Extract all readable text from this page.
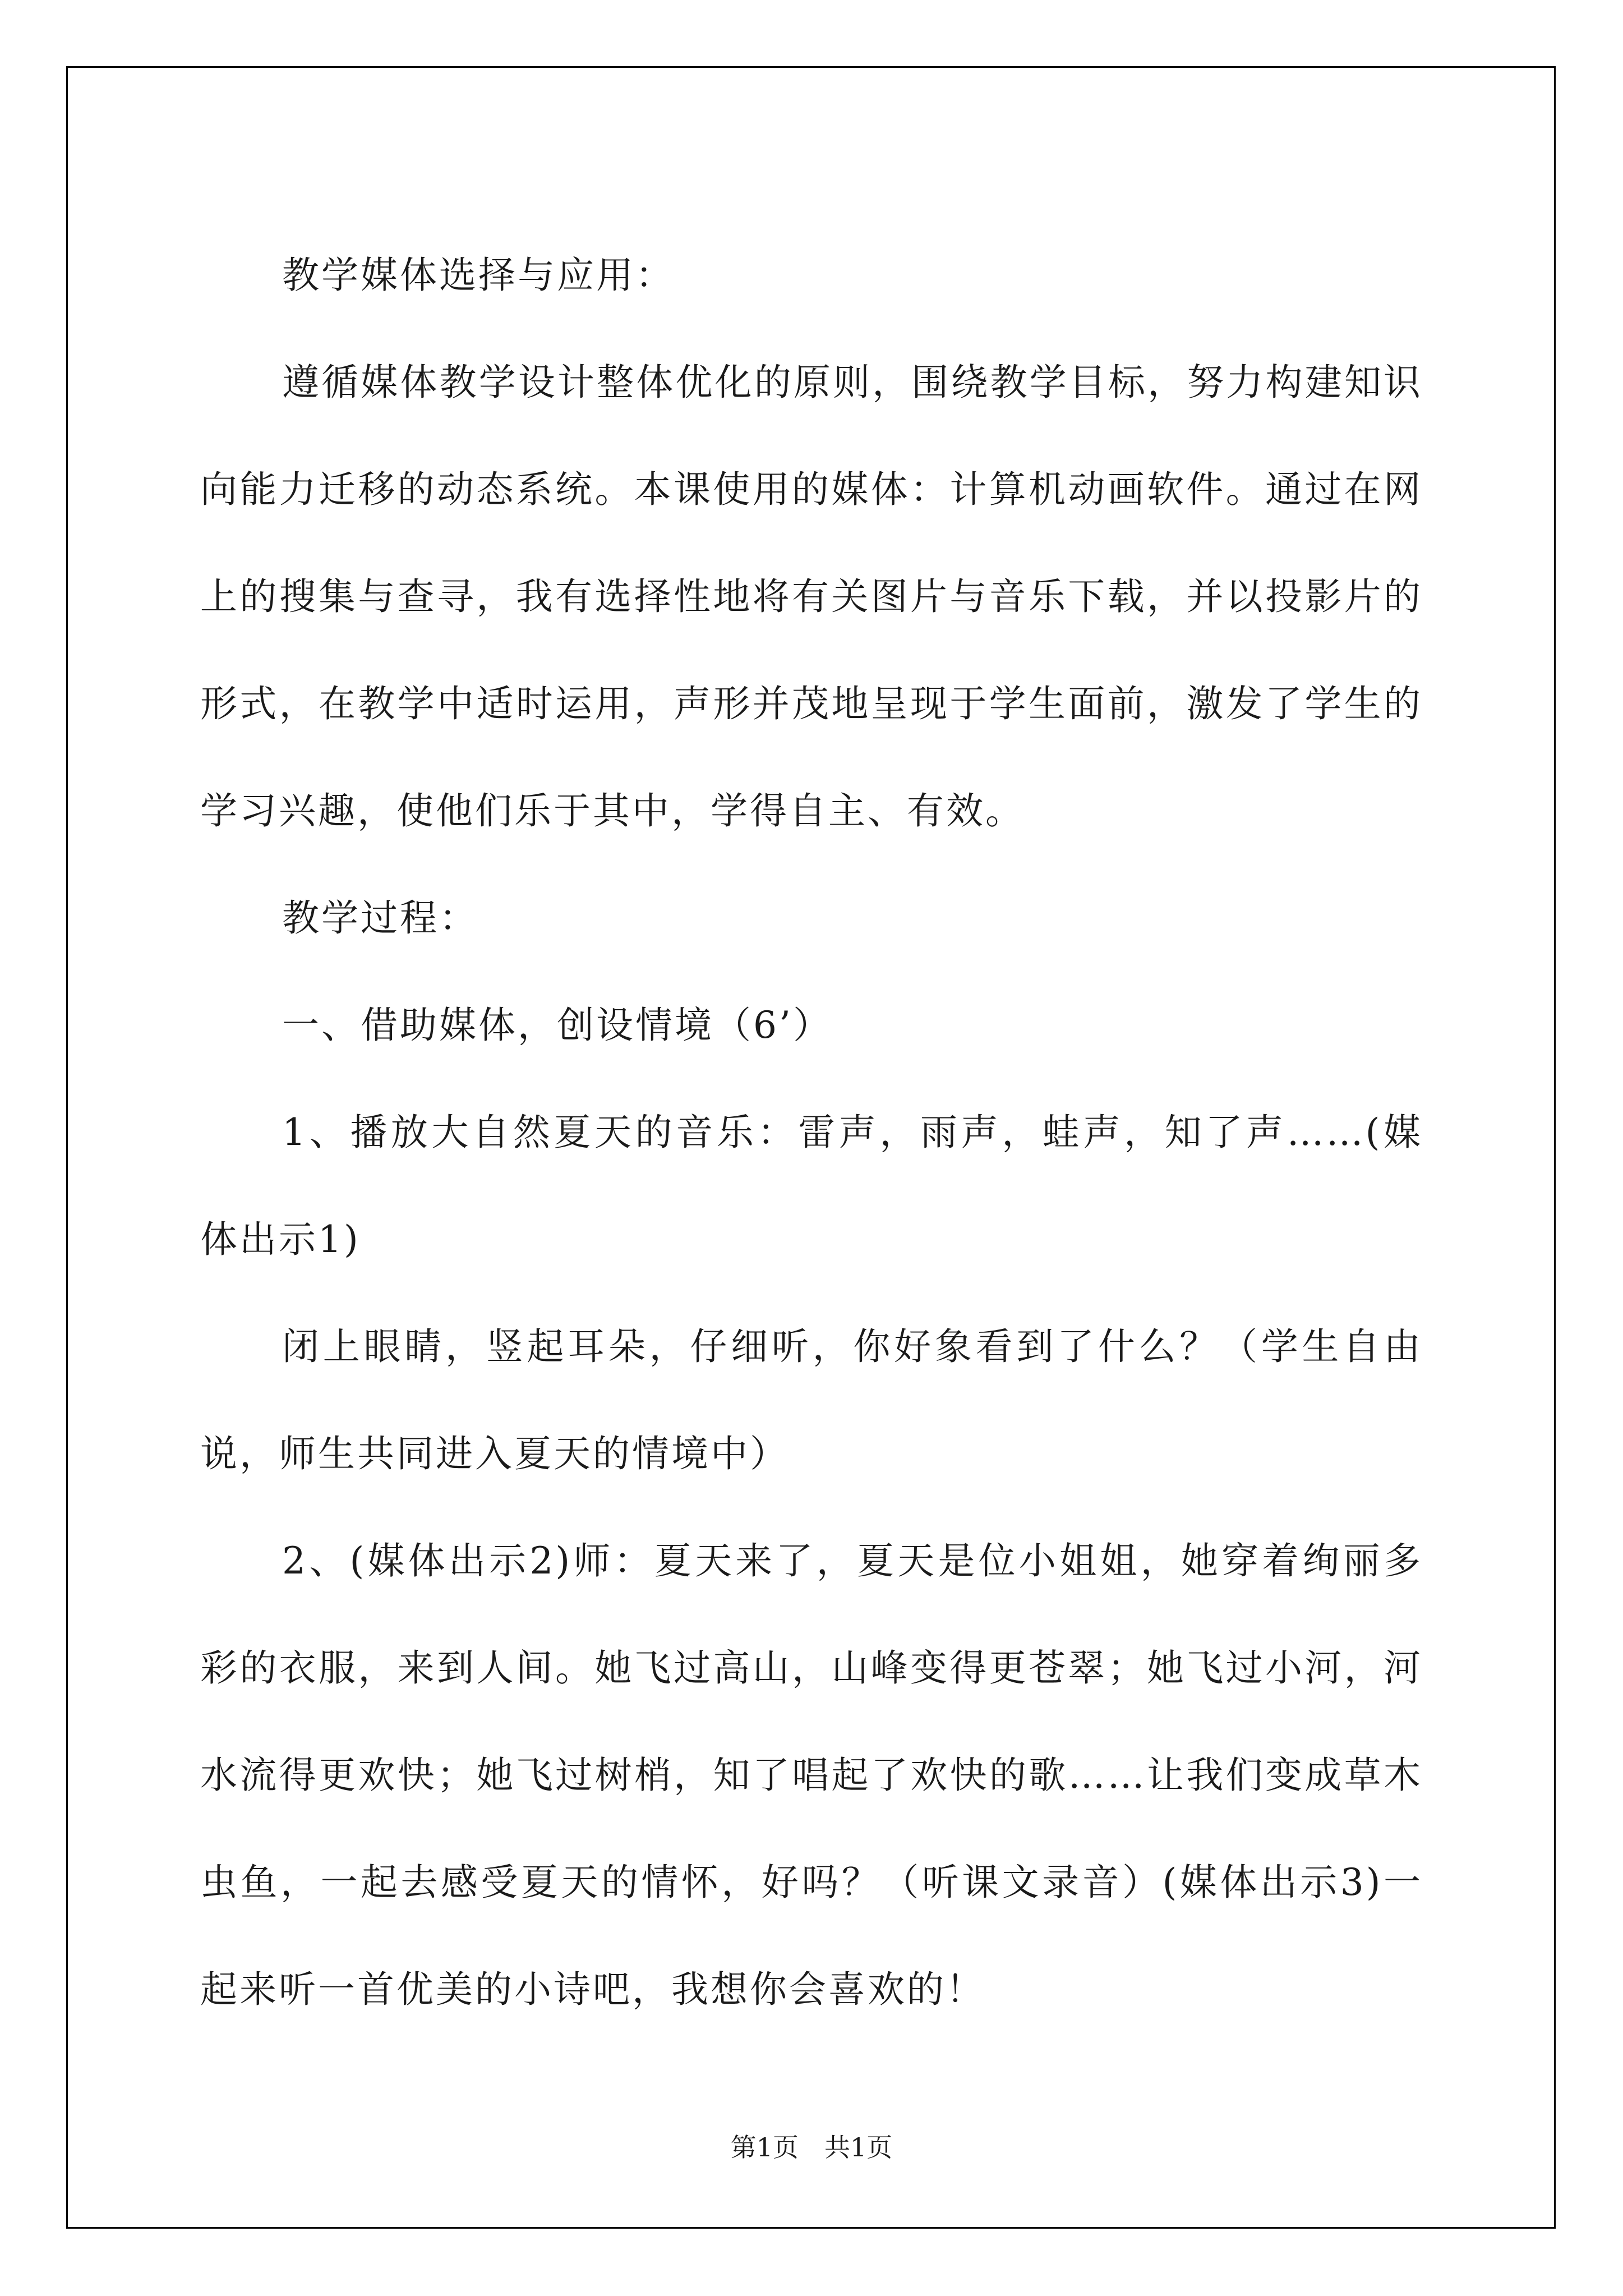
教学媒体选择与应用：

遵循媒体教学设计整体优化的原则，围绕教学目标，努力构建知识向能力迁移的动态系统。本课使用的媒体：计算机动画软件。通过在网上的搜集与查寻，我有选择性地将有关图片与音乐下载，并以投影片的形式，在教学中适时运用，声形并茂地呈现于学生面前，激发了学生的学习兴趣，使他们乐于其中，学得自主、有效。

教学过程：

一、借助媒体，创设情境（6’）

1、播放大自然夏天的音乐：雷声，雨声，蛙声，知了声……(媒体出示1)

闭上眼睛，竖起耳朵，仔细听，你好象看到了什么？（学生自由说，师生共同进入夏天的情境中）

2、(媒体出示2)师：夏天来了，夏天是位小姐姐，她穿着绚丽多彩的衣服，来到人间。她飞过高山，山峰变得更苍翠；她飞过小河，河水流得更欢快；她飞过树梢，知了唱起了欢快的歌……让我们变成草木虫鱼，一起去感受夏天的情怀，好吗？（听课文录音）(媒体出示3)一起来听一首优美的小诗吧，我想你会喜欢的！

第1页 共1页
